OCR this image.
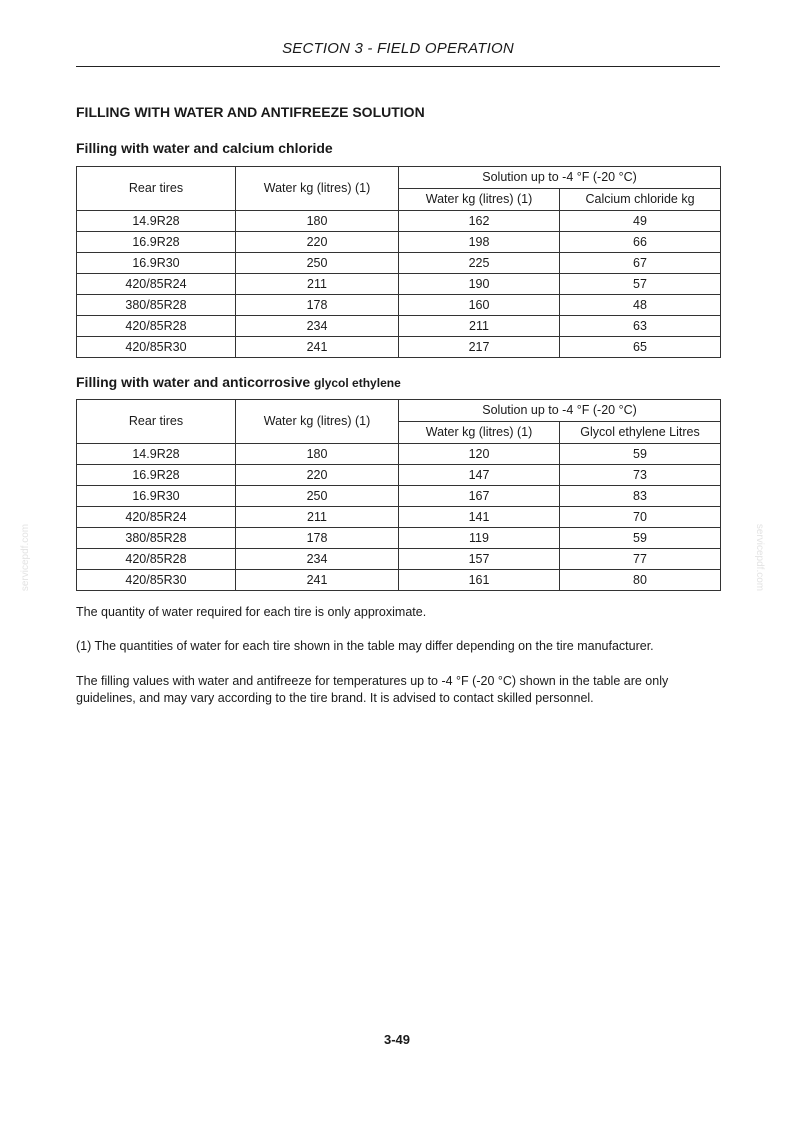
SECTION 3 - FIELD OPERATION
FILLING WITH WATER AND ANTIFREEZE SOLUTION
Filling with water and calcium chloride
Rear tires	Water kg (litres) (1)	Solution up to -4 °F (-20 °C)	
		Water kg (litres) (1)	Calcium chloride kg
14.9R28	180	162	49
16.9R28	220	198	66
16.9R30	250	225	67
420/85R24	211	190	57
380/85R28	178	160	48
420/85R28	234	211	63
420/85R30	241	217	65
Filling with water and anticorrosive glycol ethylene
Rear tires	Water kg (litres) (1)	Solution up to -4 °F (-20 °C)	
		Water kg (litres) (1)	Glycol ethylene Litres
14.9R28	180	120	59
16.9R28	220	147	73
16.9R30	250	167	83
420/85R24	211	141	70
380/85R28	178	119	59
420/85R28	234	157	77
420/85R30	241	161	80
The quantity of water required for each tire is only approximate.
(1) The quantities of water for each tire shown in the table may differ depending on the tire manufacturer.
The filling values with water and antifreeze for temperatures up to -4 °F (-20 °C) shown in the table are only guidelines, and may vary according to the tire brand. It is advised to contact skilled personnel.
servicepdf.com	servicepdf.com
3-49
